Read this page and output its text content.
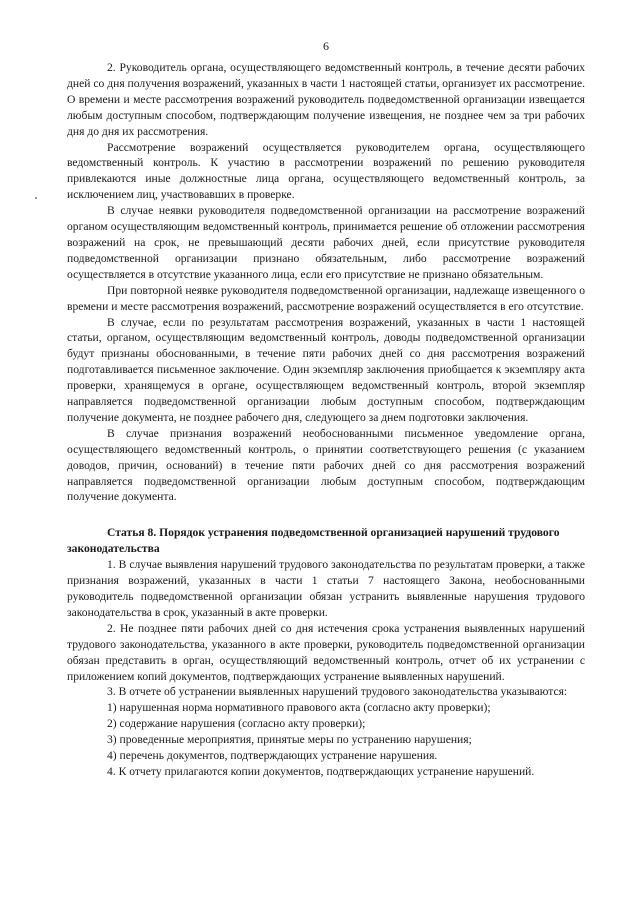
6

2. Руководитель органа, осуществляющего ведомственный контроль, в течение десяти рабочих дней со дня получения возражений, указанных в части 1 настоящей статьи, организует их рассмотрение. О времени и месте рассмотрения возражений руководитель подведомственной организации извещается любым доступным способом, подтверждающим получение извещения, не позднее чем за три рабочих дня до дня их рассмотрения.

Рассмотрение возражений осуществляется руководителем органа, осуществляющего ведомственный контроль. К участию в рассмотрении возражений по решению руководителя привлекаются иные должностные лица органа, осуществляющего ведомственный контроль, за исключением лиц, участвовавших в проверке.

В случае неявки руководителя подведомственной организации на рассмотрение возражений органом осуществляющим ведомственный контроль, принимается решение об отложении рассмотрения возражений на срок, не превышающий десяти рабочих дней, если присутствие руководителя подведомственной организации признано обязательным, либо рассмотрение возражений осуществляется в отсутствие указанного лица, если его присутствие не признано обязательным.

При повторной неявке руководителя подведомственной организации, надлежаще извещенного о времени и месте рассмотрения возражений, рассмотрение возражений осуществляется в его отсутствие.

В случае, если по результатам рассмотрения возражений, указанных в части 1 настоящей статьи, органом, осуществляющим ведомственный контроль, доводы подведомственной организации будут признаны обоснованными, в течение пяти рабочих дней со дня рассмотрения возражений подготавливается письменное заключение. Один экземпляр заключения приобщается к экземпляру акта проверки, хранящемуся в органе, осуществляющем ведомственный контроль, второй экземпляр направляется подведомственной организации любым доступным способом, подтверждающим получение документа, не позднее рабочего дня, следующего за днем подготовки заключения.

В случае признания возражений необоснованными письменное уведомление органа, осуществляющего ведомственный контроль, о принятии соответствующего решения (с указанием доводов, причин, оснований) в течение пяти рабочих дней со дня рассмотрения возражений направляется подведомственной организации любым доступным способом, подтверждающим получение документа.

Статья 8. Порядок устранения подведомственной организацией нарушений трудового законодательства

1. В случае выявления нарушений трудового законодательства по результатам проверки, а также признания возражений, указанных в части 1 статьи 7 настоящего Закона, необоснованными руководитель подведомственной организации обязан устранить выявленные нарушения трудового законодательства в срок, указанный в акте проверки.

2. Не позднее пяти рабочих дней со дня истечения срока устранения выявленных нарушений трудового законодательства, указанного в акте проверки, руководитель подведомственной организации обязан представить в орган, осуществляющий ведомственный контроль, отчет об их устранении с приложением копий документов, подтверждающих устранение выявленных нарушений.

3. В отчете об устранении выявленных нарушений трудового законодательства указываются:

1) нарушенная норма нормативного правового акта (согласно акту проверки);

2) содержание нарушения (согласно акту проверки);

3) проведенные мероприятия, принятые меры по устранению нарушения;

4) перечень документов, подтверждающих устранение нарушения.

4. К отчету прилагаются копии документов, подтверждающих устранение нарушений.
